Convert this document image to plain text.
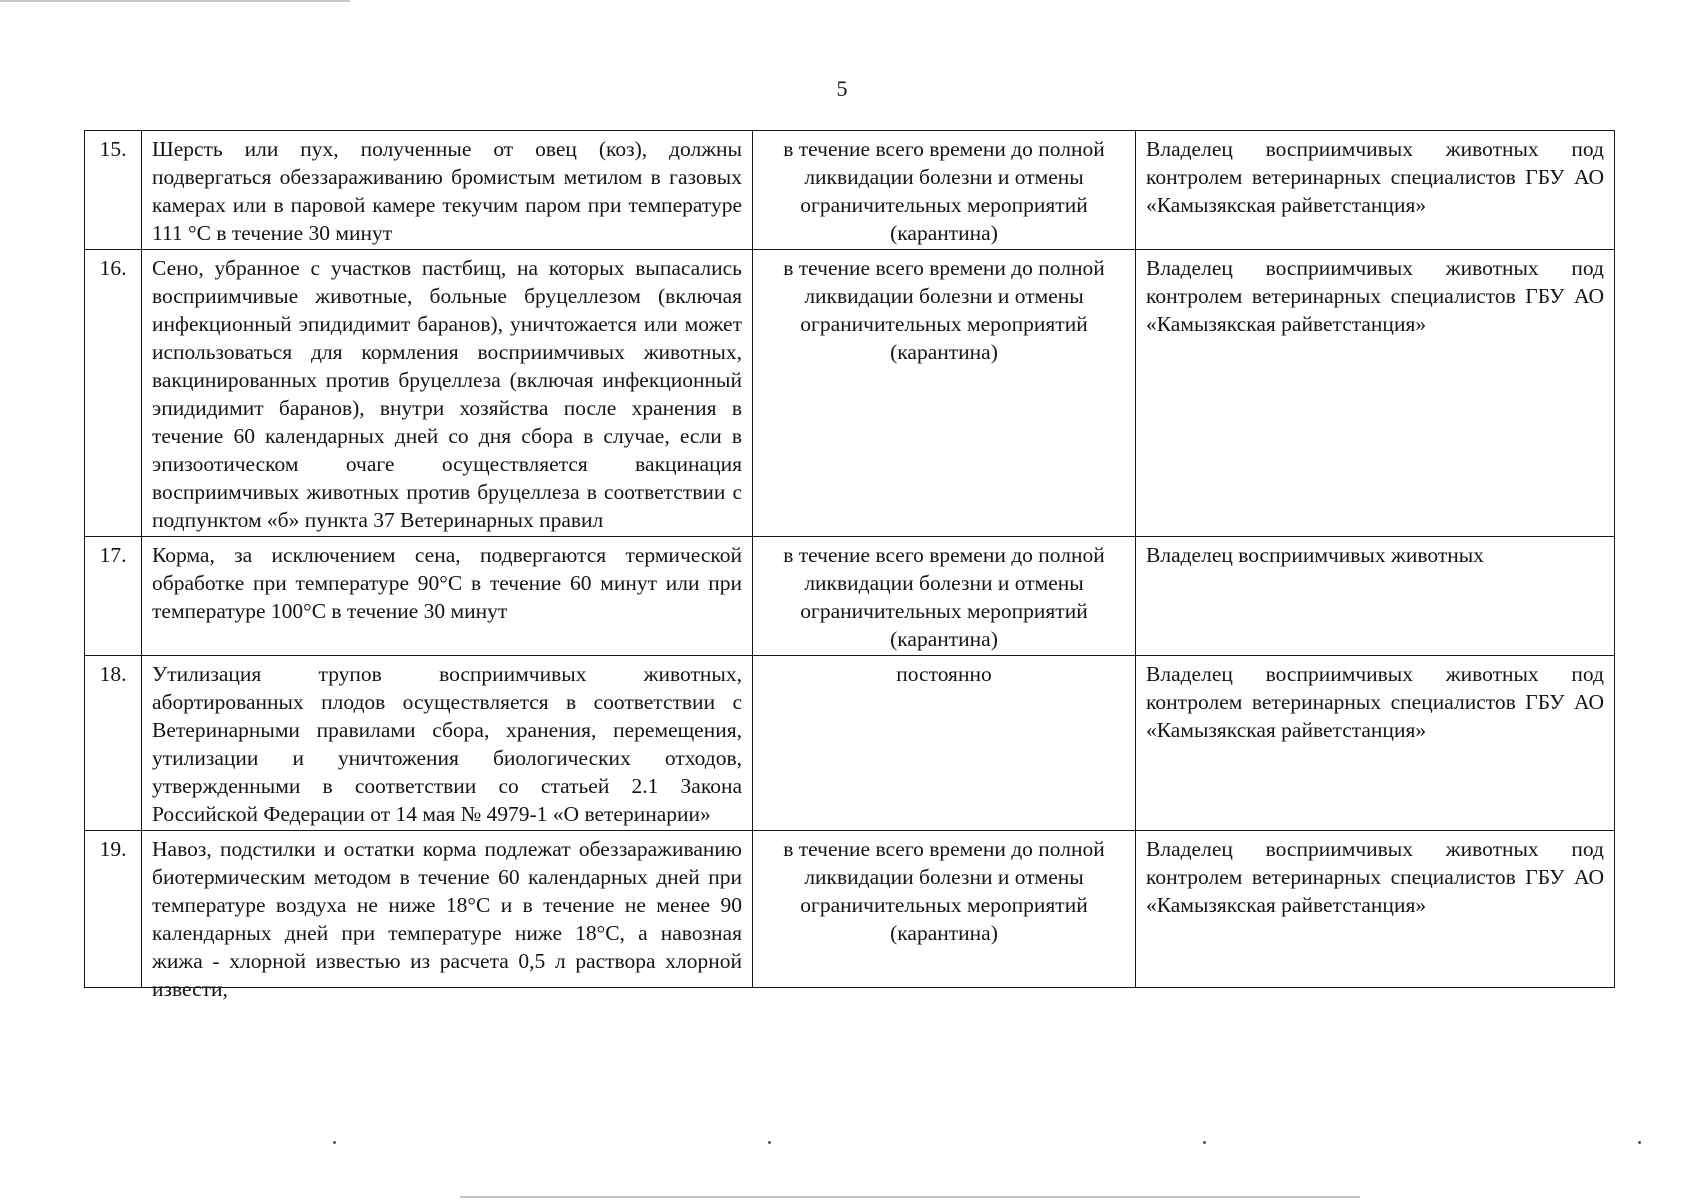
5
15.	Шерсть или пух, полученные от овец (коз), должны подвергаться обеззараживанию бромистым метилом в газовых камерах или в паровой камере текучим паром при температуре 111 °С в течение 30 минут	в течение всего времени до полной ликвидации болезни и отмены ограничительных мероприятий (карантина)	Владелец восприимчивых животных под контролем ветеринарных специалистов ГБУ АО «Камызякская райветстанция»
16.	Сено, убранное с участков пастбищ, на которых выпасались восприимчивые животные, больные бруцеллезом (включая инфекционный эпидидимит баранов), уничтожается или может использоваться для кормления восприимчивых животных, вакцинированных против бруцеллеза (включая инфекционный эпидидимит баранов), внутри хозяйства после хранения в течение 60 календарных дней со дня сбора в случае, если в эпизоотическом очаге осуществляется вакцинация восприимчивых животных против бруцеллеза в соответствии с подпунктом «б» пункта 37 Ветеринарных правил	в течение всего времени до полной ликвидации болезни и отмены ограничительных мероприятий (карантина)	Владелец восприимчивых животных под контролем ветеринарных специалистов ГБУ АО «Камызякская райветстанция»
17.	Корма, за исключением сена, подвергаются термической обработке при температуре 90°С в течение 60 минут или при температуре 100°С в течение 30 минут	в течение всего времени до полной ликвидации болезни и отмены ограничительных мероприятий (карантина)	Владелец восприимчивых животных
18.	Утилизация трупов восприимчивых животных, абортированных плодов осуществляется в соответствии с Ветеринарными правилами сбора, хранения, перемещения, утилизации и уничтожения биологических отходов, утвержденными в соответствии со статьей 2.1 Закона Российской Федерации от 14 мая № 4979-1 «О ветеринарии»	постоянно	Владелец восприимчивых животных под контролем ветеринарных специалистов ГБУ АО «Камызякская райветстанция»

19.	Навоз, подстилки и остатки корма подлежат обеззараживанию биотермическим методом в течение 60 календарных дней при температуре воздуха не ниже 18°С и в течение не менее 90 календарных дней при температуре ниже 18°С, а навозная жижа - хлорной известью из расчета 0,5 л раствора хлорной извести,	в течение всего времени до полной ликвидации болезни и отмены ограничительных мероприятий (карантина)	Владелец восприимчивых животных под контролем ветеринарных специалистов ГБУ АО «Камызякская райветстанция»
